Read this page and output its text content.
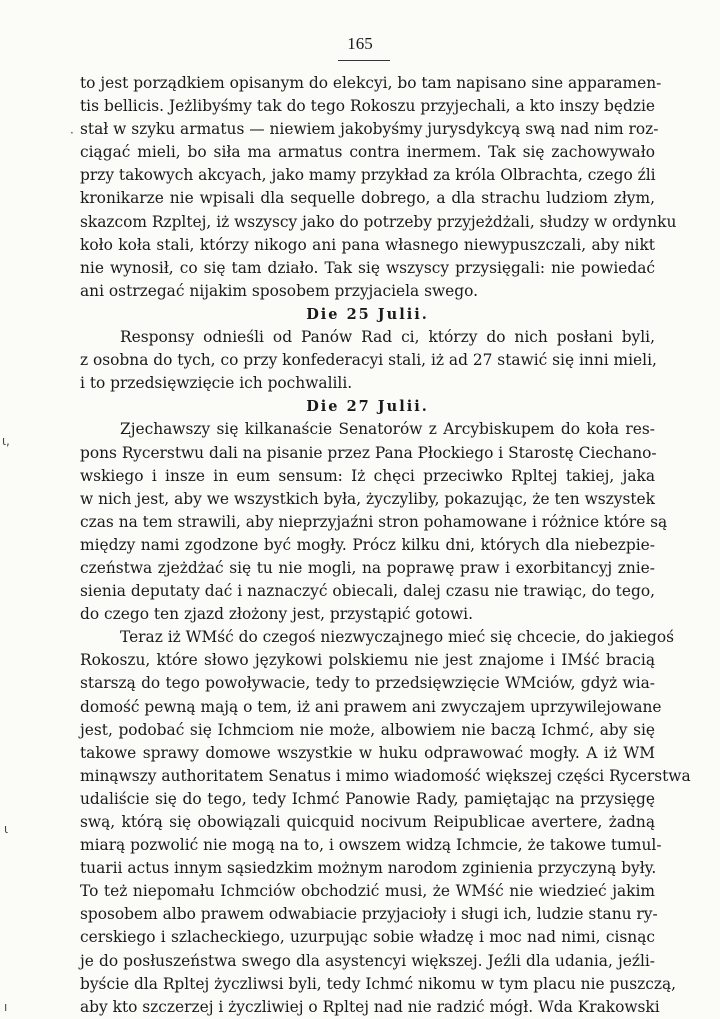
165
·
ɩ,
ɩ
ı
to jest porządkiem opisanym do elekcyi, bo tam napisano sine apparamen-
tis bellicis. Jeżlibyśmy tak do tego Rokoszu przyjechali, a kto inszy będzie
stał w szyku armatus — niewiem jakobyśmy jurysdykcyą swą nad nim roz-
ciągać mieli, bo siła ma armatus contra inermem. Tak się zachowywało
przy takowych akcyach, jako mamy przykład za króla Olbrachta, czego źli
kronikarze nie wpisali dla sequelle dobrego, a dla strachu ludziom złym,
skazcom Rzpltej, iż wszyscy jako do potrzeby przyjeżdżali, słudzy w ordynku
koło koła stali, którzy nikogo ani pana własnego niewypuszczali, aby nikt
nie wynosił, co się tam działo. Tak się wszyscy przysięgali: nie powiedać
ani ostrzegać nijakim sposobem przyjaciela swego.
Die 25 Julii.
Responsy odnieśli od Panów Rad ci, którzy do nich posłani byli,
z osobna do tych, co przy konfederacyi stali, iż ad 27 stawić się inni mieli,
i to przedsięwzięcie ich pochwalili.
Die 27 Julii.
Zjechawszy się kilkanaście Senatorów z Arcybiskupem do koła res-
pons Rycerstwu dali na pisanie przez Pana Płockiego i Starostę Ciechano-
wskiego i insze in eum sensum: Iż chęci przeciwko Rpltej takiej, jaka
w nich jest, aby we wszystkich była, życzyliby, pokazując, że ten wszystek
czas na tem strawili, aby nieprzyjaźni stron pohamowane i różnice które są
między nami zgodzone być mogły. Prócz kilku dni, których dla niebezpie-
czeństwa zjeżdżać się tu nie mogli, na poprawę praw i exorbitancyj znie-
sienia deputaty dać i naznaczyć obiecali, dalej czasu nie trawiąc, do tego,
do czego ten zjazd złożony jest, przystąpić gotowi.
Teraz iż WMść do czegoś niezwyczajnego mieć się chcecie, do jakiegoś
Rokoszu, które słowo językowi polskiemu nie jest znajome i IMść bracią
starszą do tego powoływacie, tedy to przedsięwzięcie WMciów, gdyż wia-
domość pewną mają o tem, iż ani prawem ani zwyczajem uprzywilejowane
jest, podobać się Ichmciom nie może, albowiem nie baczą Ichmć, aby się
takowe sprawy domowe wszystkie w huku odprawować mogły. A iż WM
minąwszy authoritatem Senatus i mimo wiadomość większej części Rycerstwa
udaliście się do tego, tedy Ichmć Panowie Rady, pamiętając na przysięgę
swą, którą się obowiązali quicquid nocivum Reipublicae avertere, żadną
miarą pozwolić nie mogą na to, i owszem widzą Ichmcie, że takowe tumul-
tuarii actus innym sąsiedzkim możnym narodom zginienia przyczyną były.
To też niepomału Ichmciów obchodzić musi, że WMść nie wiedzieć jakim
sposobem albo prawem odwabiacie przyjacioły i sługi ich, ludzie stanu ry-
cerskiego i szlacheckiego, uzurpując sobie władzę i moc nad nimi, cisnąc
je do posłuszeństwa swego dla asystencyi większej. Jeźli dla udania, jeźli-
byście dla Rpltej życzliwsi byli, tedy Ichmć nikomu w tym placu nie puszczą,
aby kto szczerzej i życzliwiej o Rpltej nad nie radzić mógł. Wda Krakowski
